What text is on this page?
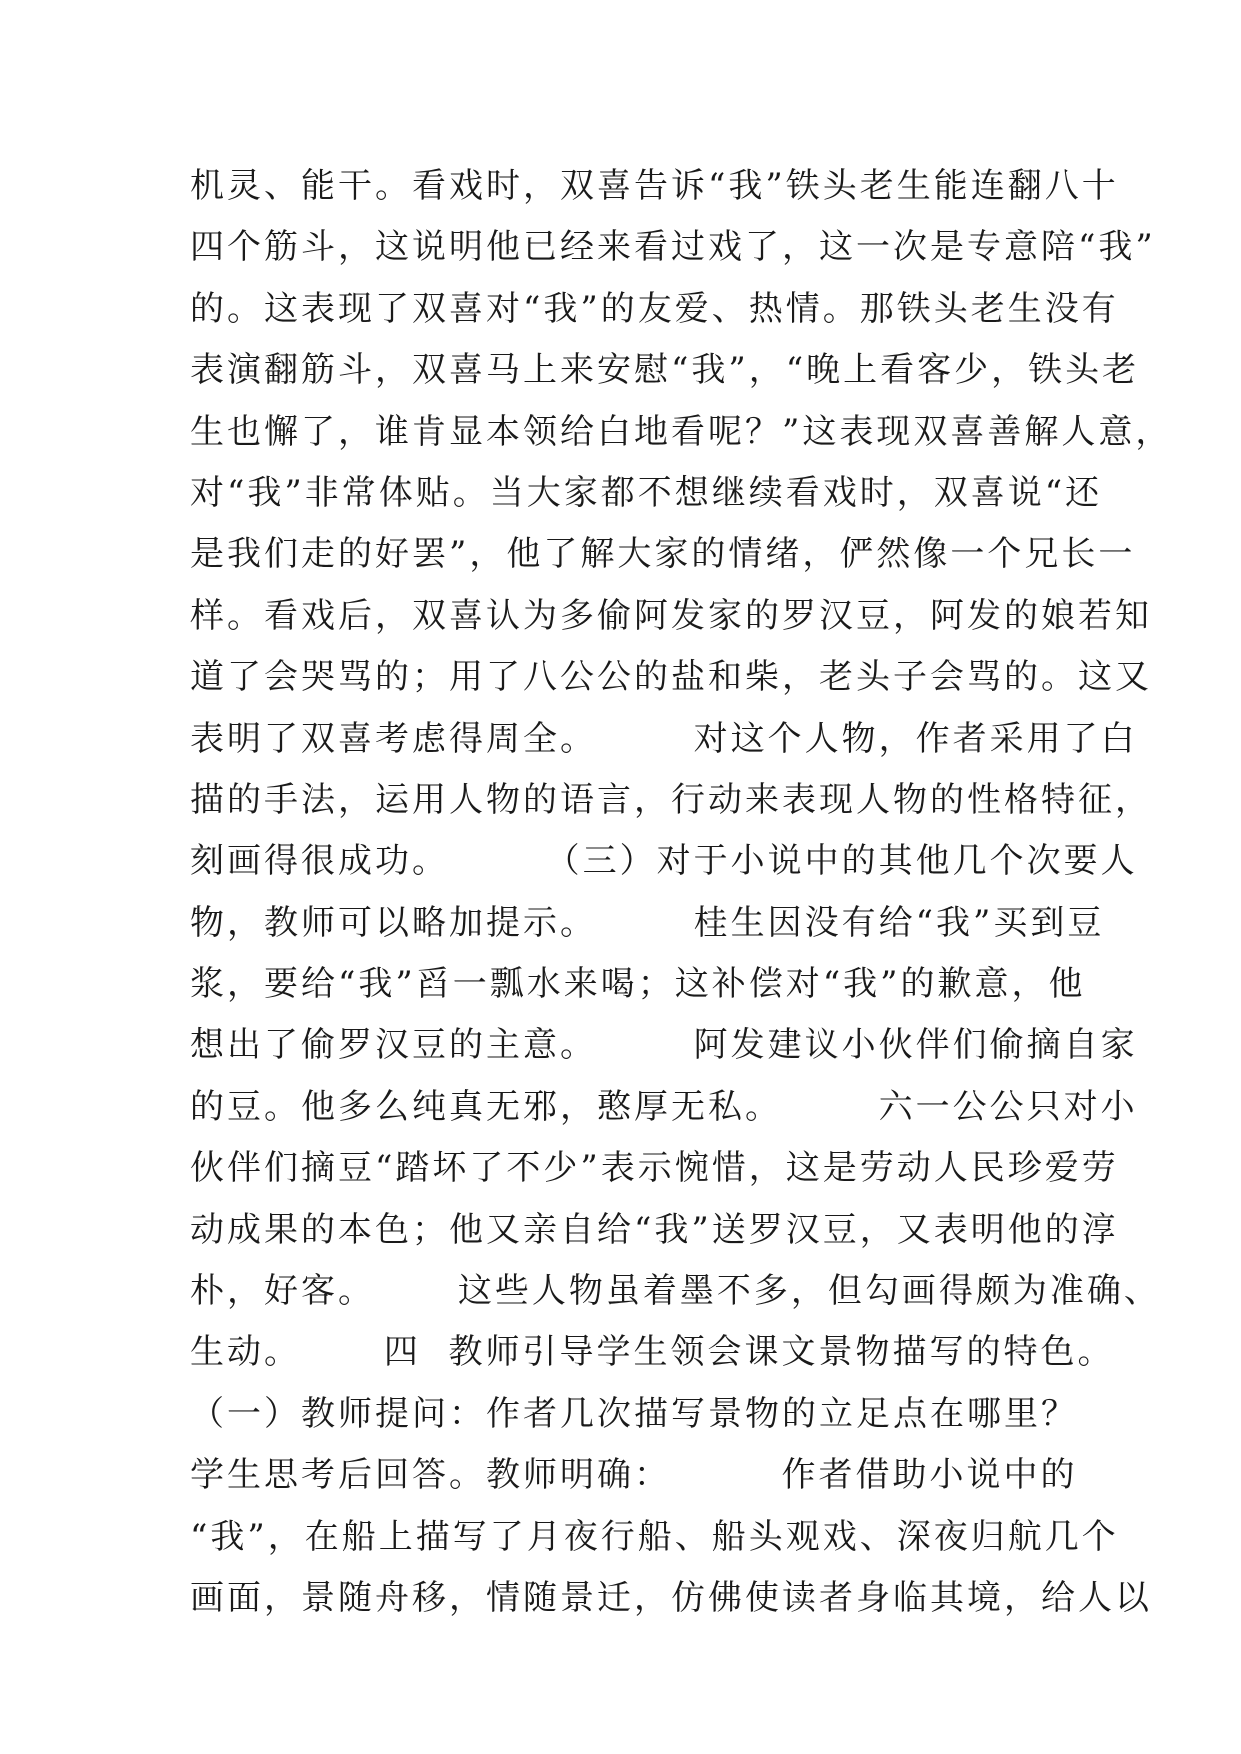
机灵、能干。看戏时，双喜告诉“我”铁头老生能连翻八十
四个筋斗，这说明他已经来看过戏了，这一次是专意陪“我”
的。这表现了双喜对“我”的友爱、热情。那铁头老生没有
表演翻筋斗，双喜马上来安慰“我”，“晚上看客少，铁头老
生也懈了，谁肯显本领给白地看呢？”这表现双喜善解人意，
对“我”非常体贴。当大家都不想继续看戏时，双喜说“还
是我们走的好罢”，他了解大家的情绪，俨然像一个兄长一
样。看戏后，双喜认为多偷阿发家的罗汉豆，阿发的娘若知
道了会哭骂的；用了八公公的盐和柴，老头子会骂的。这又
表明了双喜考虑得周全。       对这个人物，作者采用了白
描的手法，运用人物的语言，行动来表现人物的性格特征，
刻画得很成功。       （三）对于小说中的其他几个次要人
物，教师可以略加提示。       桂生因没有给“我”买到豆
浆，要给“我”舀一瓢水来喝；这补偿对“我”的歉意，他
想出了偷罗汉豆的主意。       阿发建议小伙伴们偷摘自家
的豆。他多么纯真无邪，憨厚无私。       六一公公只对小
伙伴们摘豆“踏坏了不少”表示惋惜，这是劳动人民珍爱劳
动成果的本色；他又亲自给“我”送罗汉豆，又表明他的淳
朴，好客。      这些人物虽着墨不多，但勾画得颇为准确、
生动。      四  教师引导学生领会课文景物描写的特色。
（一）教师提问：作者几次描写景物的立足点在哪里？
学生思考后回答。教师明确：        作者借助小说中的
“我”，在船上描写了月夜行船、船头观戏、深夜归航几个
画面，景随舟移，情随景迁，仿佛使读者身临其境，给人以
